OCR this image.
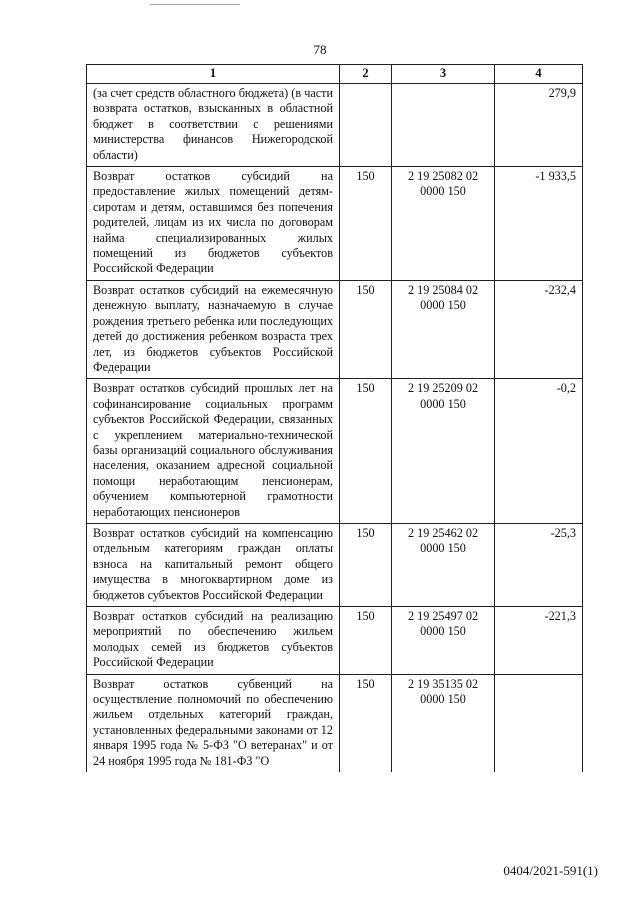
78
1	2	3	4
(за счет средств областного бюджета) (в части возврата остатков, взысканных в областной бюджет в соответствии с решениями министерства финансов Нижегородской области)			279,9
Возврат остатков субсидий на предоставление жилых помещений детям-сиротам и детям, оставшимся без попечения родителей, лицам из их числа по договорам найма специализированных жилых помещений из бюджетов субъектов Российской Федерации	150	2 19 25082 02 0000 150	-1 933,5
Возврат остатков субсидий на ежемесячную денежную выплату, назначаемую в случае рождения третьего ребенка или последующих детей до достижения ребенком возраста трех лет, из бюджетов субъектов Российской Федерации	150	2 19 25084 02 0000 150	-232,4
Возврат остатков субсидий прошлых лет на софинансирование социальных программ субъектов Российской Федерации, связанных с укреплением материально-технической базы организаций социального обслуживания населения, оказанием адресной социальной помощи неработающим пенсионерам, обучением компьютерной грамотности неработающих пенсионеров	150	2 19 25209 02 0000 150	-0,2
Возврат остатков субсидий на компенсацию отдельным категориям граждан оплаты взноса на капитальный ремонт общего имущества в многоквартирном доме из бюджетов субъектов Российской Федерации	150	2 19 25462 02 0000 150	-25,3
Возврат остатков субсидий на реализацию мероприятий по обеспечению жильем молодых семей из бюджетов субъектов Российской Федерации	150	2 19 25497 02 0000 150	-221,3
Возврат остатков субвенций на осуществление полномочий по обеспечению жильем отдельных категорий граждан, установленных федеральными законами от 12 января 1995 года № 5-ФЗ "О ветеранах" и от 24 ноября 1995 года № 181-ФЗ "О	150	2 19 35135 02 0000 150	
0404/2021-591(1)
